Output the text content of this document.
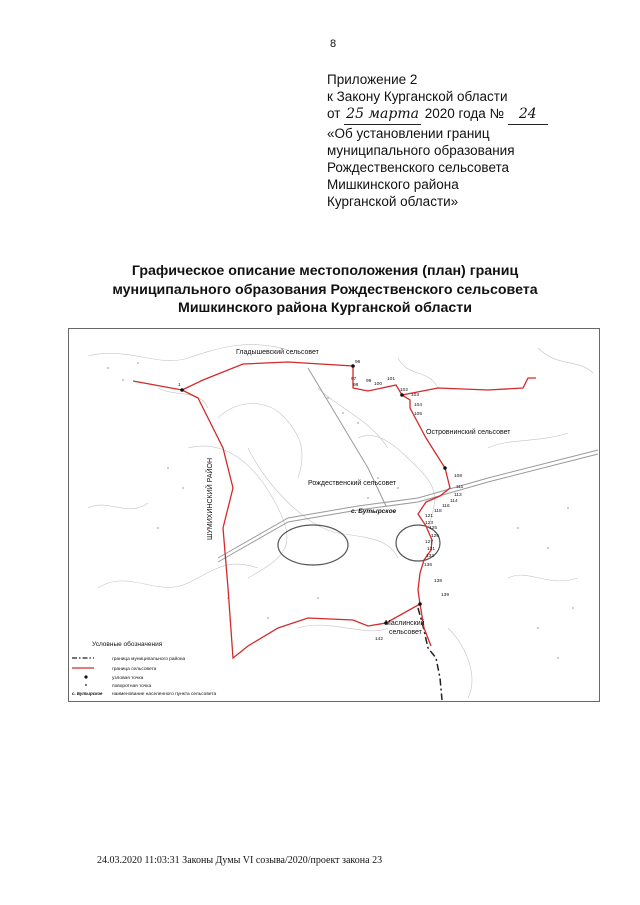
8
Приложение 2
к Закону Курганской области
от 25 марта 2020 года № 24
«Об установлении границ
муниципального образования
Рождественского сельсовета
Мишкинского района
Курганской области»
Графическое описание местоположения (план) границ
муниципального образования Рождественского сельсовета
Мишкинского района Курганской области
Гладышевский сельсовет
Островнинский сельсовет
Рождественский сельсовет
с. Бутырское
ШУМИХИНСКИЙ РАЙОН
Маслинский
сельсовет
1
96
97
98
99
100
101
102
103
104
105
108
111
113
114
116
118
121
123
125
126
127
131
132
136
138
139
142
Условные обозначения
граница муниципального района
граница сельсовета
узловая точка
поворотная точка
с. Бутырское наименование населенного пункта сельсовета
24.03.2020 11:03:31 Законы Думы VI созыва/2020/проект закона 23
